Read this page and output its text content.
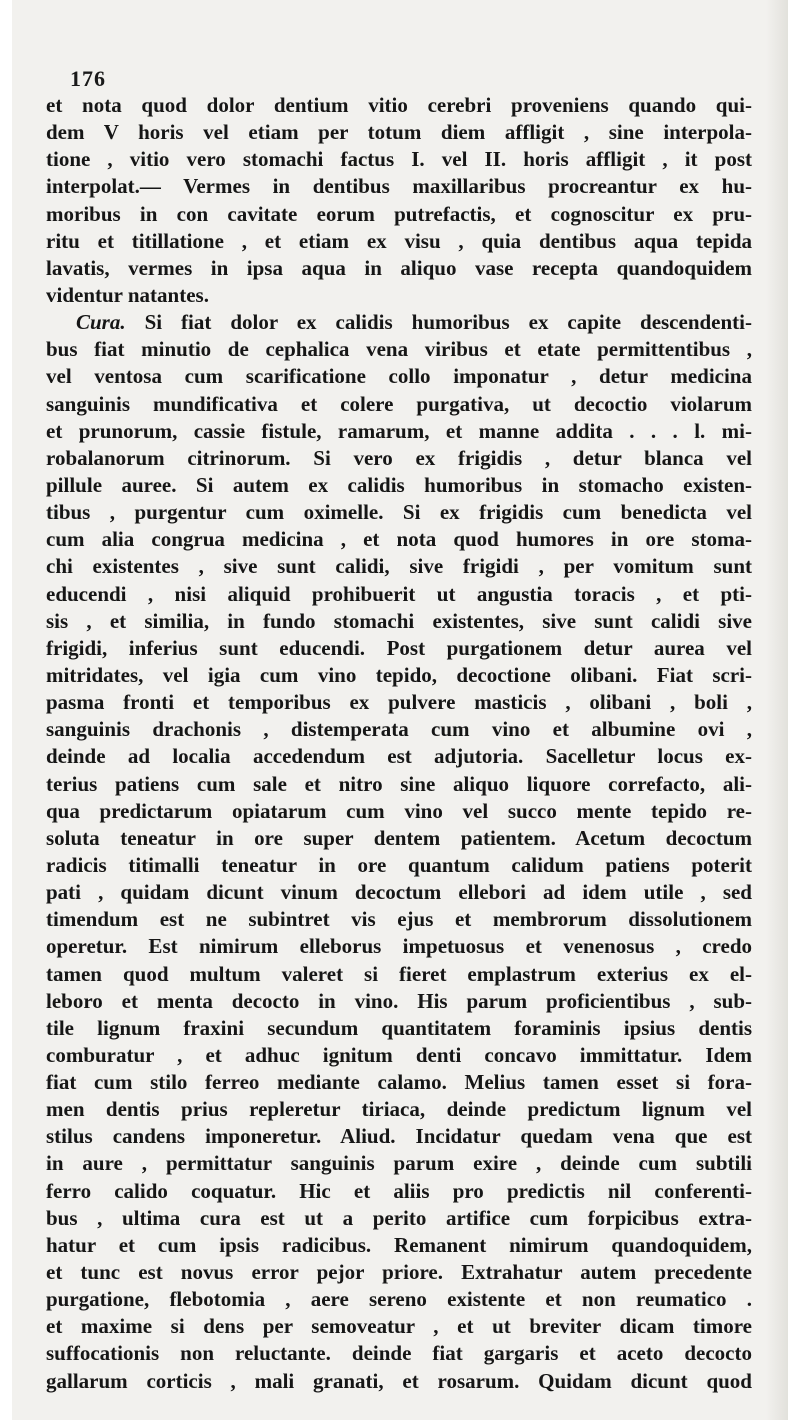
176
et nota quod dolor dentium vitio cerebri proveniens quando qui-
dem V horis vel etiam per totum diem affligit , sine interpola-
tione , vitio vero stomachi factus I. vel II. horis affligit , it post
interpolat.— Vermes in dentibus maxillaribus procreantur ex hu-
moribus in con cavitate eorum putrefactis, et cognoscitur ex pru-
ritu et titillatione , et etiam ex visu , quia dentibus aqua tepida
lavatis, vermes in ipsa aqua in aliquo vase recepta quandoquidem
videntur natantes.
Cura. Si fiat dolor ex calidis humoribus ex capite descendenti-
bus fiat minutio de cephalica vena viribus et etate permittentibus ,
vel ventosa cum scarificatione collo imponatur , detur medicina
sanguinis mundificativa et colere purgativa, ut decoctio violarum
et prunorum, cassie fistule, ramarum, et manne addita . . . l. mi-
robalanorum citrinorum. Si vero ex frigidis , detur blanca vel
pillule auree. Si autem ex calidis humoribus in stomacho existen-
tibus , purgentur cum oximelle. Si ex frigidis cum benedicta vel
cum alia congrua medicina , et nota quod humores in ore stoma-
chi existentes , sive sunt calidi, sive frigidi , per vomitum sunt
educendi , nisi aliquid prohibuerit ut angustia toracis , et pti-
sis , et similia, in fundo stomachi existentes, sive sunt calidi sive
frigidi, inferius sunt educendi. Post purgationem detur aurea vel
mitridates, vel igia cum vino tepido, decoctione olibani. Fiat scri-
pasma fronti et temporibus ex pulvere masticis , olibani , boli ,
sanguinis drachonis , distemperata cum vino et albumine ovi ,
deinde ad localia accedendum est adjutoria. Sacelletur locus ex-
terius patiens cum sale et nitro sine aliquo liquore correfacto, ali-
qua predictarum opiatarum cum vino vel succo mente tepido re-
soluta teneatur in ore super dentem patientem. Acetum decoctum
radicis titimalli teneatur in ore quantum calidum patiens poterit
pati , quidam dicunt vinum decoctum ellebori ad idem utile , sed
timendum est ne subintret vis ejus et membrorum dissolutionem
operetur. Est nimirum elleborus impetuosus et venenosus , credo
tamen quod multum valeret si fieret emplastrum exterius ex el-
leboro et menta decocto in vino. His parum proficientibus , sub-
tile lignum fraxini secundum quantitatem foraminis ipsius dentis
comburatur , et adhuc ignitum denti concavo immittatur. Idem
fiat cum stilo ferreo mediante calamo. Melius tamen esset si fora-
men dentis prius repleretur tiriaca, deinde predictum lignum vel
stilus candens imponeretur. Aliud. Incidatur quedam vena que est
in aure , permittatur sanguinis parum exire , deinde cum subtili
ferro calido coquatur. Hic et aliis pro predictis nil conferenti-
bus , ultima cura est ut a perito artifice cum forpicibus extra-
hatur et cum ipsis radicibus. Remanent nimirum quandoquidem,
et tunc est novus error pejor priore. Extrahatur autem precedente
purgatione, flebotomia , aere sereno existente et non reumatico .
et maxime si dens per semoveatur , et ut breviter dicam timore
suffocationis non reluctante. deinde fiat gargaris et aceto decocto
gallarum corticis , mali granati, et rosarum. Quidam dicunt quod
